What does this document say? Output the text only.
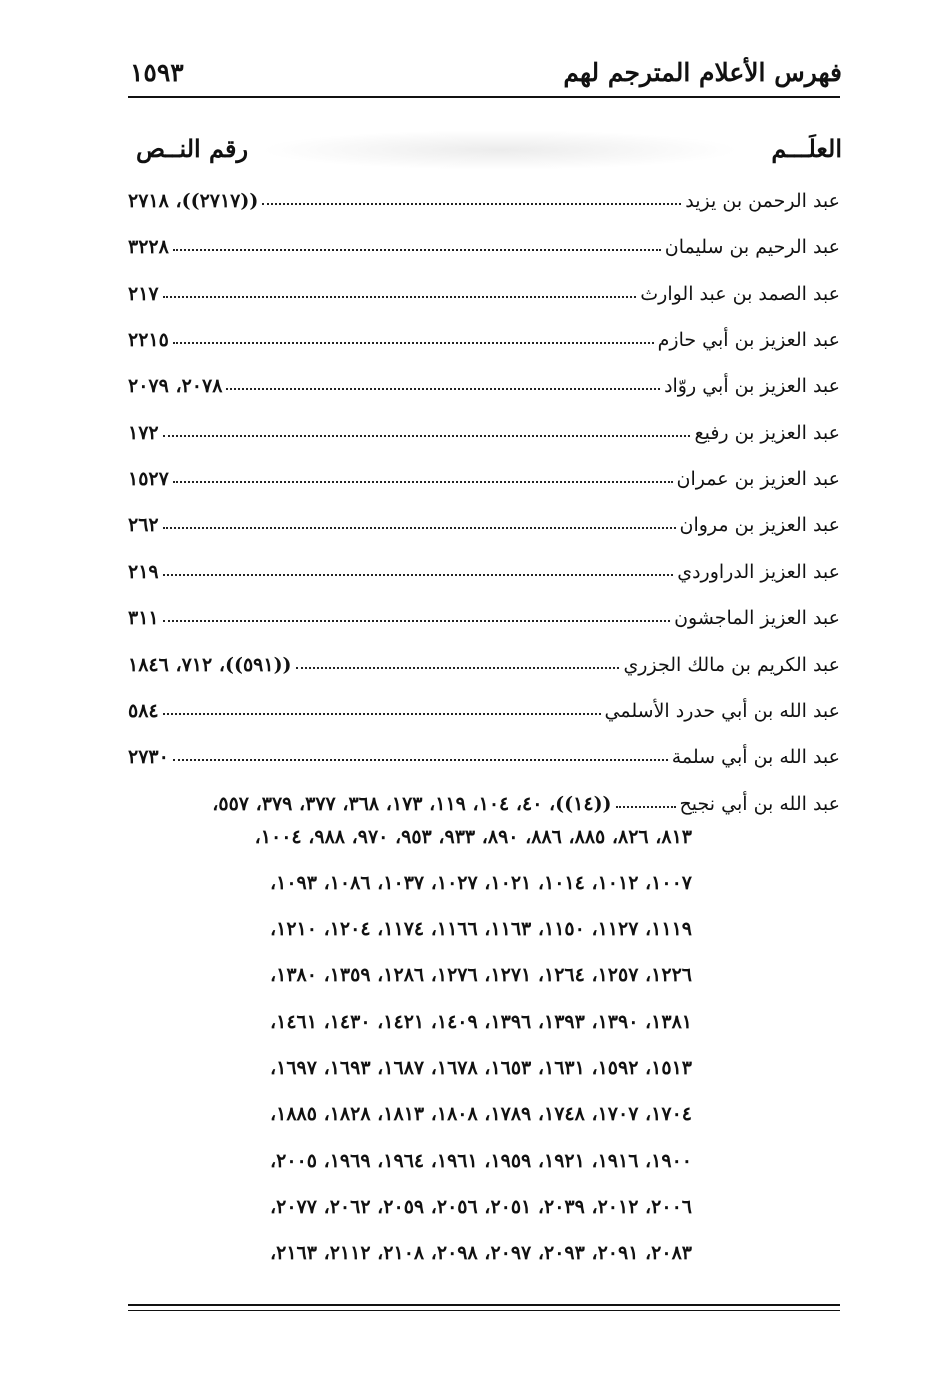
فهرس الأعلام المترجم لهم
١٥٩٣
العلَـــم
رقم النــص
عبد الرحمن بن يزيد
((٢٧١٧))، ٢٧١٨
عبد الرحيم بن سليمان
٣٢٢٨
عبد الصمد بن عبد الوارث
٢١٧
عبد العزيز بن أبي حازم
٢٢١٥
عبد العزيز بن أبي روّاد
٢٠٧٨، ٢٠٧٩
عبد العزيز بن رفيع
١٧٢
عبد العزيز بن عمران
١٥٢٧
عبد العزيز بن مروان
٢٦٢
عبد العزيز الدراوردي
٢١٩
عبد العزيز الماجشون
٣١١
عبد الكريم بن مالك الجزري
((٥٩١))، ٧١٢، ١٨٤٦
عبد الله بن أبي حدرد الأسلمي
٥٨٤
عبد الله بن أبي سلمة
٢٧٣٠
عبد الله بن أبي نجيح
((١٤))، ٤٠، ١٠٤، ١١٩، ١٧٣، ٣٦٨، ٣٧٧، ٣٧٩، ٥٥٧،
٨١٣، ٨٢٦، ٨٨٥، ٨٨٦، ٨٩٠، ٩٣٣، ٩٥٣، ٩٧٠، ٩٨٨، ١٠٠٤،
١٠٠٧، ١٠١٢، ١٠١٤، ١٠٢١، ١٠٢٧، ١٠٣٧، ١٠٨٦، ١٠٩٣،
١١١٩، ١١٢٧، ١١٥٠، ١١٦٣، ١١٦٦، ١١٧٤، ١٢٠٤، ١٢١٠،
١٢٢٦، ١٢٥٧، ١٢٦٤، ١٢٧١، ١٢٧٦، ١٢٨٦، ١٣٥٩، ١٣٨٠،
١٣٨١، ١٣٩٠، ١٣٩٣، ١٣٩٦، ١٤٠٩، ١٤٢١، ١٤٣٠، ١٤٦١،
١٥١٣، ١٥٩٢، ١٦٣١، ١٦٥٣، ١٦٧٨، ١٦٨٧، ١٦٩٣، ١٦٩٧،
١٧٠٤، ١٧٠٧، ١٧٤٨، ١٧٨٩، ١٨٠٨، ١٨١٣، ١٨٢٨، ١٨٨٥،
١٩٠٠، ١٩١٦، ١٩٢١، ١٩٥٩، ١٩٦١، ١٩٦٤، ١٩٦٩، ٢٠٠٥،
٢٠٠٦، ٢٠١٢، ٢٠٣٩، ٢٠٥١، ٢٠٥٦، ٢٠٥٩، ٢٠٦٢، ٢٠٧٧،
٢٠٨٣، ٢٠٩١، ٢٠٩٣، ٢٠٩٧، ٢٠٩٨، ٢١٠٨، ٢١١٢، ٢١٦٣،
